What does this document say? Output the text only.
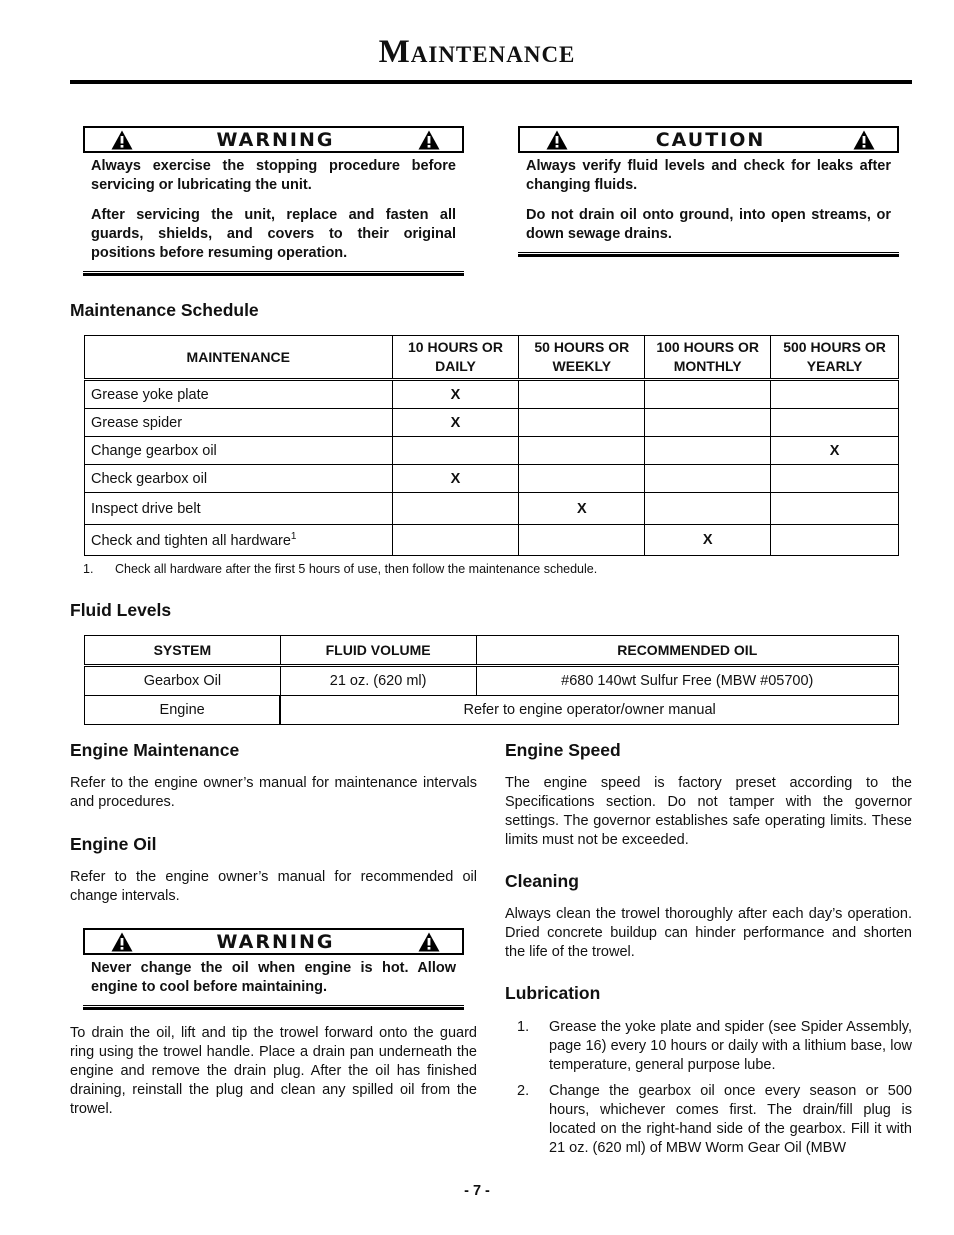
Maintenance
WARNING

Always exercise the stopping procedure before servicing or lubricating the unit.

After servicing the unit, replace and fasten all guards, shields, and covers to their original positions before resuming operation.

CAUTION

Always verify fluid levels and check for leaks after changing fluids.

Do not drain oil onto ground, into open streams, or down sewage drains.

Maintenance Schedule
MAINTENANCE	10 HOURS OR DAILY	50 HOURS OR WEEKLY	100 HOURS OR MONTHLY	500 HOURS OR YEARLY
Grease yoke plate	X			
Grease spider	X			
Change gearbox oil				X
Check gearbox oil	X			
Inspect drive belt		X		
Check and tighten all hardware$^1$			X	
1. Check all hardware after the first 5 hours of use, then follow the maintenance schedule.
Fluid Levels
SYSTEM	FLUID VOLUME	RECOMMENDED OIL
Gearbox Oil	21 oz. (620 ml)	#680 140wt Sulfur Free (MBW #05700)
Engine	Refer to engine operator/owner manual	
Engine Maintenance

Refer to the engine owner’s manual for maintenance intervals and procedures.

Engine Oil

Refer to the engine owner’s manual for recommended oil change intervals.

WARNING

Never change the oil when engine is hot. Allow engine to cool before maintaining.

To drain the oil, lift and tip the trowel forward onto the guard ring using the trowel handle. Place a drain pan underneath the engine and remove the drain plug. After the oil has finished draining, reinstall the plug and clean any spilled oil from the trowel.

Engine Speed

The engine speed is factory preset according to the Specifications section. Do not tamper with the governor settings. The governor establishes safe operating limits. These limits must not be exceeded.

Cleaning

Always clean the trowel thoroughly after each day’s operation. Dried concrete buildup can hinder performance and shorten the life of the trowel.

Lubrication
1.	Grease the yoke plate and spider (see Spider Assembly, page 16) every 10 hours or daily with a lithium base, low temperature, general purpose lube.
2.	Change the gearbox oil once every season or 500 hours, whichever comes first. The drain/fill plug is located on the right-hand side of the gearbox. Fill it with 21 oz. (620 ml) of MBW Worm Gear Oil (MBW
- 7 -
